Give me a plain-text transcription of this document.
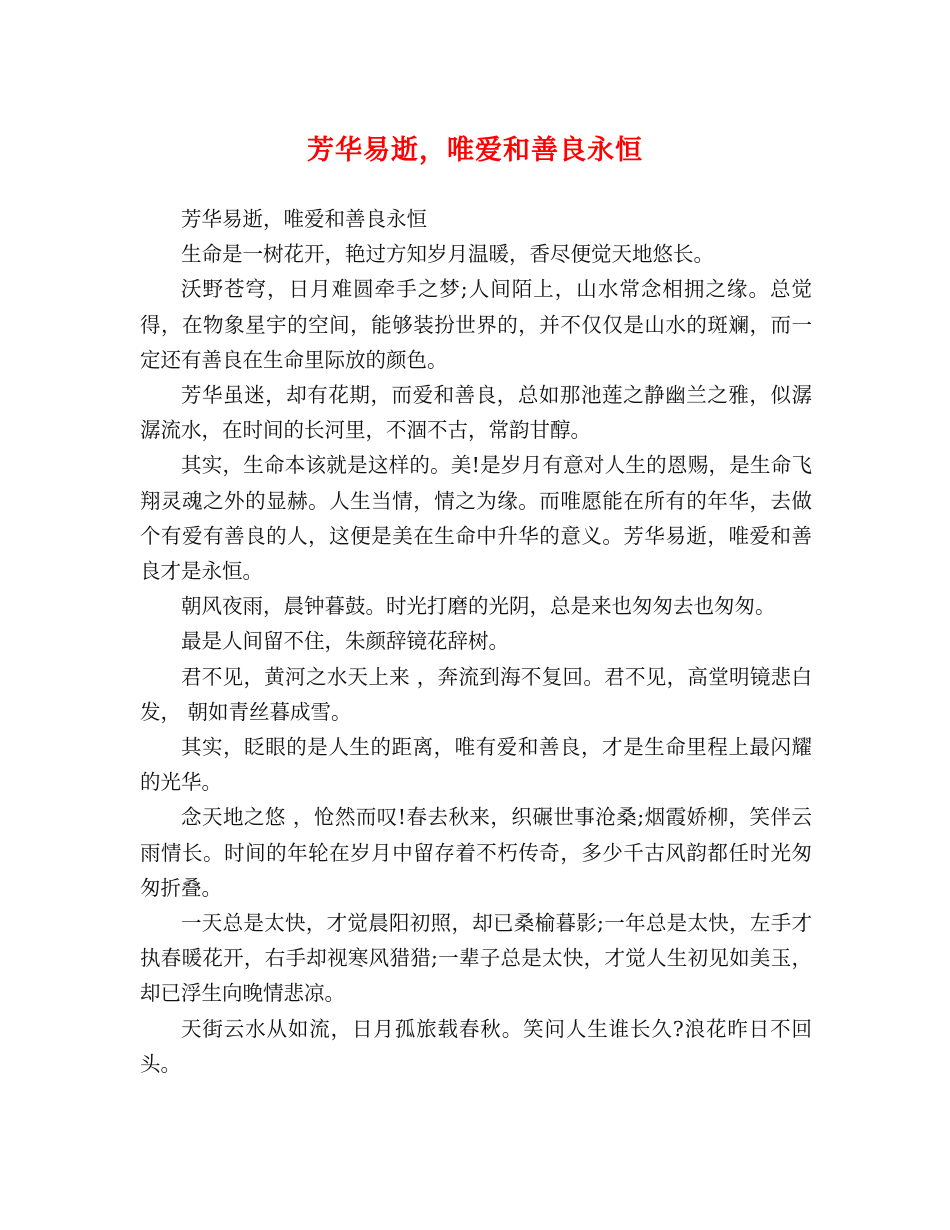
芳华易逝，唯爱和善良永恒

芳华易逝，唯爱和善良永恒

生命是一树花开，艳过方知岁月温暖，香尽便觉天地悠长。

沃野苍穹，日月难圆牵手之梦;人间陌上，山水常念相拥之缘。总觉得，在物象星宇的空间，能够装扮世界的，并不仅仅是山水的斑斓，而一定还有善良在生命里际放的颜色。

芳华虽迷，却有花期，而爱和善良，总如那池莲之静幽兰之雅，似潺潺流水，在时间的长河里，不涸不古，常韵甘醇。

其实，生命本该就是这样的。美!是岁月有意对人生的恩赐，是生命飞翔灵魂之外的显赫。人生当情，情之为缘。而唯愿能在所有的年华，去做个有爱有善良的人，这便是美在生命中升华的意义。芳华易逝，唯爱和善良才是永恒。

朝风夜雨，晨钟暮鼓。时光打磨的光阴，总是来也匆匆去也匆匆。

最是人间留不住，朱颜辞镜花辞树。

君不见，黄河之水天上来 ，奔流到海不复回。君不见，高堂明镜悲白发， 朝如青丝暮成雪。

其实，眨眼的是人生的距离，唯有爱和善良，才是生命里程上最闪耀的光华。

念天地之悠 ，怆然而叹!春去秋来，织碾世事沧桑;烟霞娇柳，笑伴云雨情长。时间的年轮在岁月中留存着不朽传奇，多少千古风韵都任时光匆匆折叠。

一天总是太快，才觉晨阳初照，却已桑榆暮影;一年总是太快，左手才执春暖花开，右手却视寒风猎猎;一辈子总是太快，才觉人生初见如美玉，却已浮生向晚情悲凉。

天街云水从如流，日月孤旅载春秋。笑问人生谁长久?浪花昨日不回头。
